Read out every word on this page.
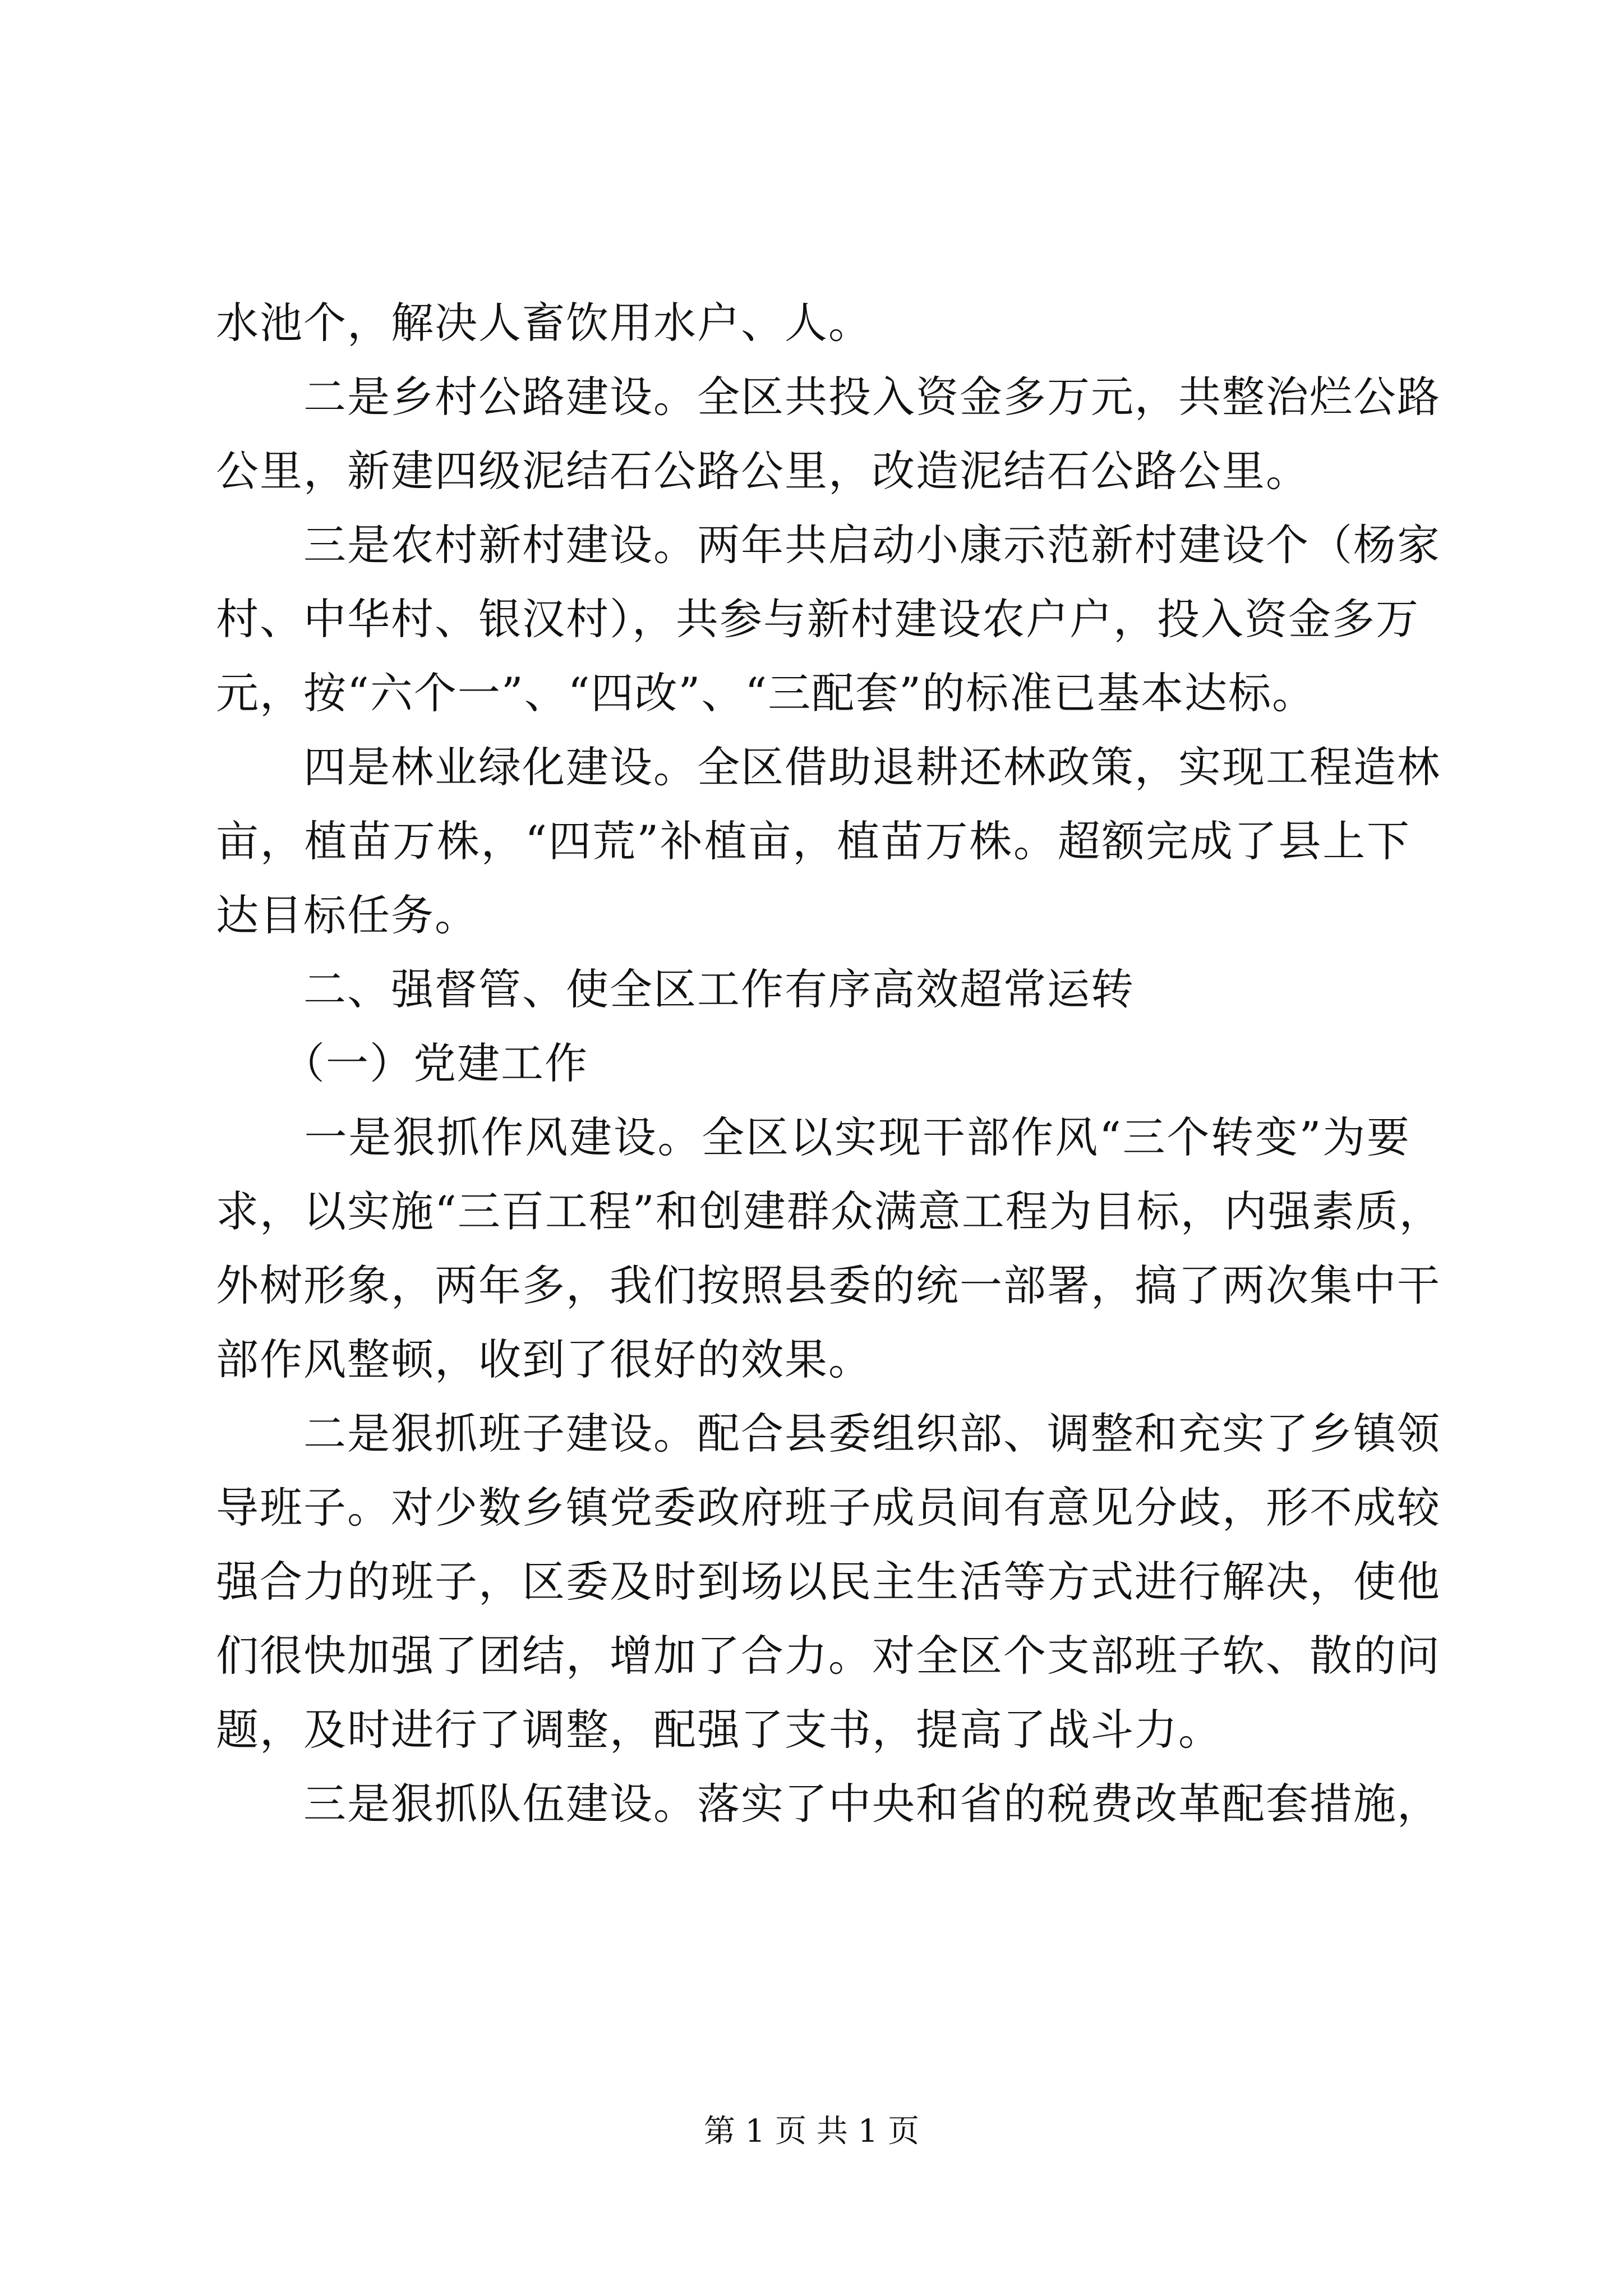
水池个，解决人畜饮用水户、人。
　　二是乡村公路建设。全区共投入资金多万元，共整治烂公路
公里，新建四级泥结石公路公里，改造泥结石公路公里。
　　三是农村新村建设。两年共启动小康示范新村建设个（杨家
村、中华村、银汉村），共参与新村建设农户户，投入资金多万
元，按“六个一”、“四改”、“三配套”的标准已基本达标。
　　四是林业绿化建设。全区借助退耕还林政策，实现工程造林
亩，植苗万株，“四荒”补植亩，植苗万株。超额完成了县上下
达目标任务。
　　二、强督管、使全区工作有序高效超常运转
　　（一）党建工作
　　一是狠抓作风建设。全区以实现干部作风“三个转变”为要
求，以实施“三百工程”和创建群众满意工程为目标，内强素质，
外树形象，两年多，我们按照县委的统一部署，搞了两次集中干
部作风整顿，收到了很好的效果。
　　二是狠抓班子建设。配合县委组织部、调整和充实了乡镇领
导班子。对少数乡镇党委政府班子成员间有意见分歧，形不成较
强合力的班子，区委及时到场以民主生活等方式进行解决，使他
们很快加强了团结，增加了合力。对全区个支部班子软、散的问
题，及时进行了调整，配强了支书，提高了战斗力。
　　三是狠抓队伍建设。落实了中央和省的税费改革配套措施，
第 1 页 共 1 页
